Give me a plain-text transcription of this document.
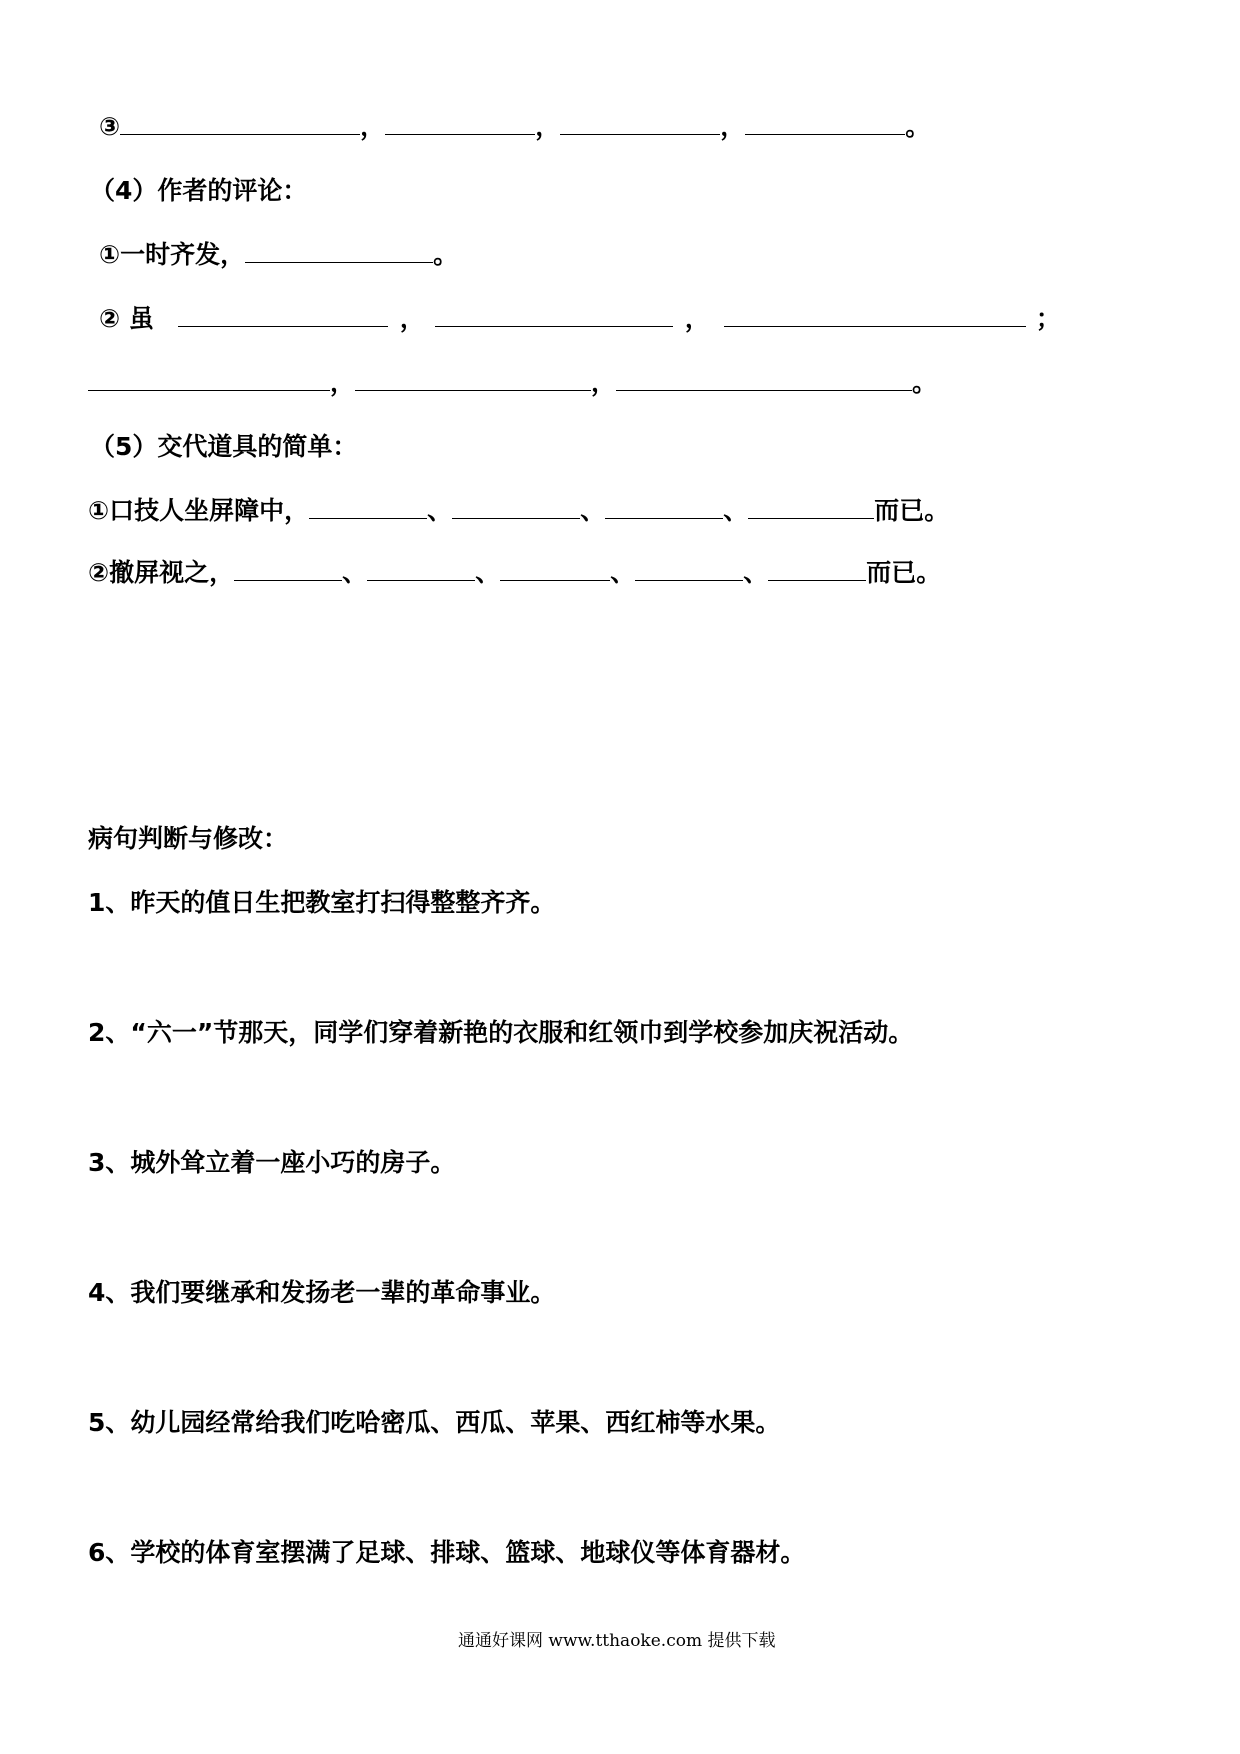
③	，	，	，	。
（4）作者的评论：
①一时齐发，	。
② 虽	，	，	；
，	，	。
（5）交代道具的简单：
①口技人坐屏障中，	、	、	、	而已。
②撤屏视之，	、	、	、	、	而已。
病句判断与修改：
1、昨天的值日生把教室打扫得整整齐齐。
2、“六一”节那天，同学们穿着新艳的衣服和红领巾到学校参加庆祝活动。
3、城外耸立着一座小巧的房子。
4、我们要继承和发扬老一辈的革命事业。
5、幼儿园经常给我们吃哈密瓜、西瓜、苹果、西红柿等水果。
6、学校的体育室摆满了足球、排球、篮球、地球仪等体育器材。
通通好课网 www.tthaoke.com 提供下载
